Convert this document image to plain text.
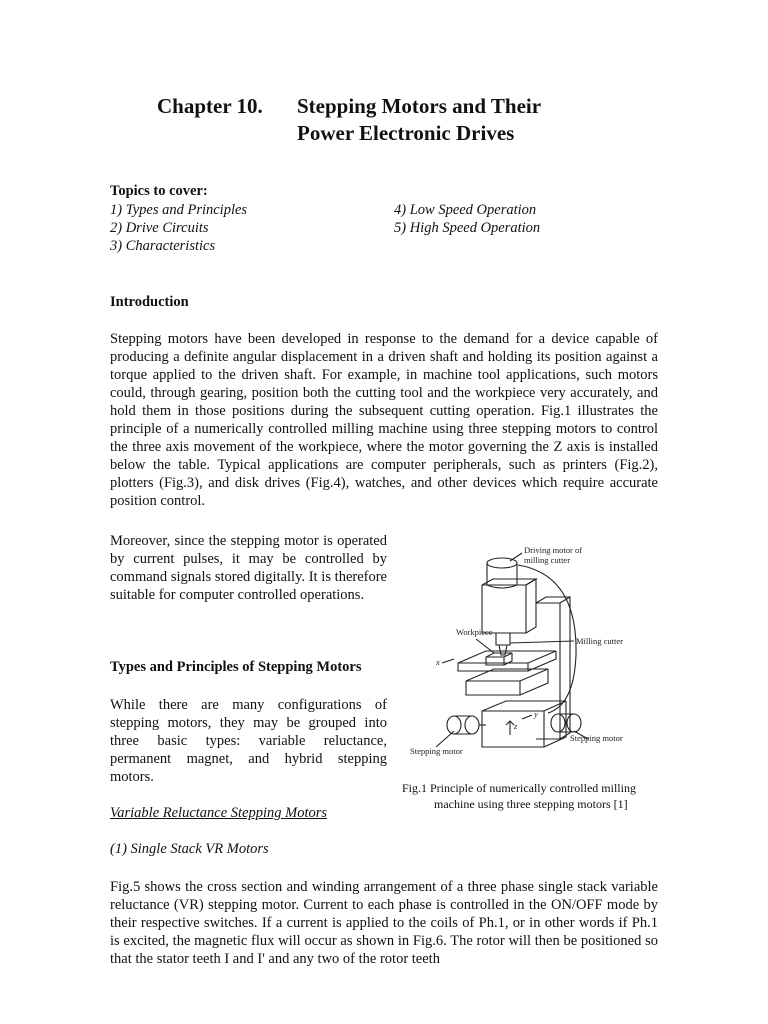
Chapter 10. Stepping Motors and Their
Power Electronic Drives
Topics to cover:
1) Types and Principles
2) Drive Circuits
3) Characteristics
4) Low Speed Operation
5) High Speed Operation
Introduction
Stepping motors have been developed in response to the demand for a device capable of producing a definite angular displacement in a driven shaft and holding its position against a torque applied to the driven shaft. For example, in machine tool applications, such motors could, through gearing, position both the cutting tool and the workpiece very accurately, and hold them in those positions during the subsequent cutting operation. Fig.1 illustrates the principle of a numerically controlled milling machine using three stepping motors to control the three axis movement of the workpiece, where the motor governing the Z axis is installed below the table. Typical applications are computer peripherals, such as printers (Fig.2), plotters (Fig.3), and disk drives (Fig.4), watches, and other devices which require accurate position control.
Moreover, since the stepping motor is operated by current pulses, it may be controlled by command signals stored digitally. It is therefore suitable for computer controlled operations.
Types and Principles of Stepping Motors
While there are many configurations of stepping motors, they may be grouped into three basic types: variable reluctance, permanent magnet, and hybrid stepping motors.
Variable Reluctance Stepping Motors
(1) Single Stack VR Motors
Fig.5 shows the cross section and winding arrangement of a three phase single stack variable reluctance (VR) stepping motor. Current to each phase is controlled in the ON/OFF mode by their respective switches. If a current is applied to the coils of Ph.1, or in other words if Ph.1 is excited, the magnetic flux will occur as shown in Fig.6. The rotor will then be positioned so that the stator teeth I and I' and any two of the rotor teeth
Driving motor of
milling cutter
Workpiece
Milling cutter
Stepping motor
Stepping motor
x
y
z
Fig.1 Principle of numerically controlled milling
machine using three stepping motors [1]
